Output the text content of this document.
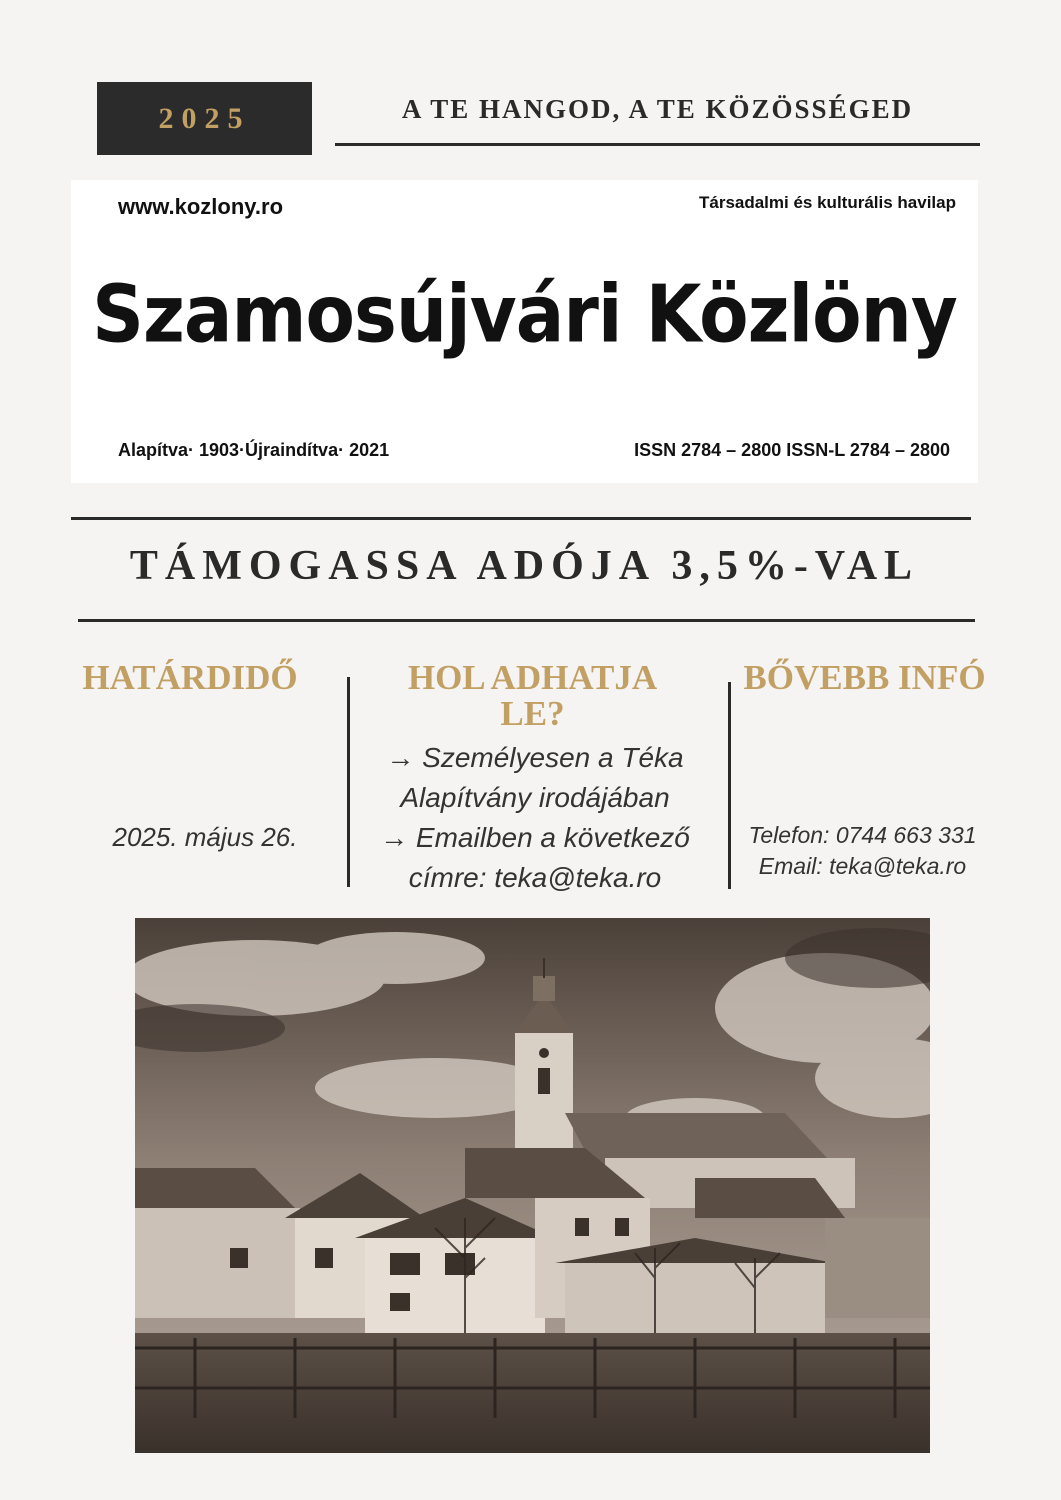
2025	A TE HANGOD, A TE KÖZÖSSÉGED
www.kozlony.ro	Társadalmi és kulturális havilap
Szamosújvári Közlöny
Alapítva· 1903·Újraindítva· 2021	ISSN 2784 – 2800 ISSN-L 2784 – 2800
TÁMOGASSA ADÓJA 3,5%-VAL
HATÁRDIDŐ
2025. május 26.
HOL ADHATJA LE?
→ Személyesen a Téka
Alapítvány irodájában
→ Emailben a következő
címre: teka@teka.ro
BŐVEBB INFÓ
Telefon: 0744 663 331
Email: teka@teka.ro
